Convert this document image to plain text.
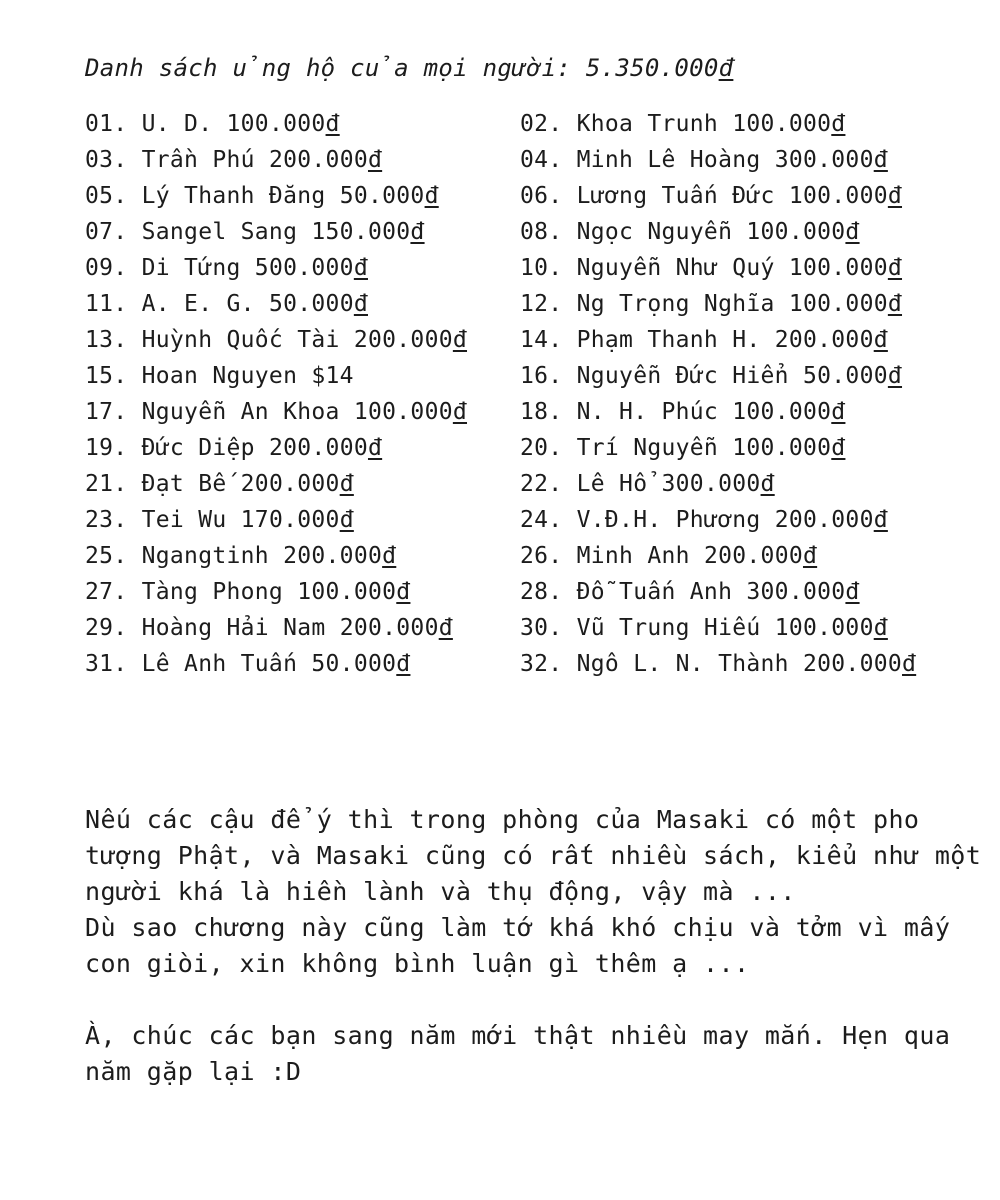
Danh sách ủng hộ của mọi người: 5.350.000đ
01. U. D. 100.000đ
03. Trần Phú 200.000đ
05. Lý Thanh Đăng 50.000đ
07. Sangel Sang 150.000đ
09. Di Tứng 500.000đ
11. A. E. G. 50.000đ
13. Huỳnh Quốc Tài 200.000đ
15. Hoan Nguyen $14
17. Nguyễn An Khoa 100.000đ
19. Đức Diệp 200.000đ
21. Đạt Bế 200.000đ
23. Tei Wu 170.000đ
25. Ngangtinh 200.000đ
27. Tàng Phong 100.000đ
29. Hoàng Hải Nam 200.000đ
31. Lê Anh Tuấn 50.000đ
02. Khoa Trunh 100.000đ
04. Minh Lê Hoàng 300.000đ
06. Lương Tuấn Đức 100.000đ
08. Ngọc Nguyễn 100.000đ
10. Nguyễn Như Quý 100.000đ
12. Ng Trọng Nghĩa 100.000đ
14. Phạm Thanh H. 200.000đ
16. Nguyễn Đức Hiển 50.000đ
18. N. H. Phúc 100.000đ
20. Trí Nguyễn 100.000đ
22. Lê Hổ 300.000đ
24. V.Đ.H. Phương 200.000đ
26. Minh Anh 200.000đ
28. Đỗ Tuấn Anh 300.000đ
30. Vũ Trung Hiếu 100.000đ
32. Ngô L. N. Thành 200.000đ
Nếu các cậu để ý thì trong phòng của Masaki có một pho
tượng Phật, và Masaki cũng có rất nhiều sách, kiểu như một
người khá là hiền lành và thụ động, vậy mà ...
Dù sao chương này cũng làm tớ khá khó chịu và tởm vì mấy
con giòi, xin không bình luận gì thêm ạ ...
À, chúc các bạn sang năm mới thật nhiều may mắn. Hẹn qua
năm gặp lại :D
